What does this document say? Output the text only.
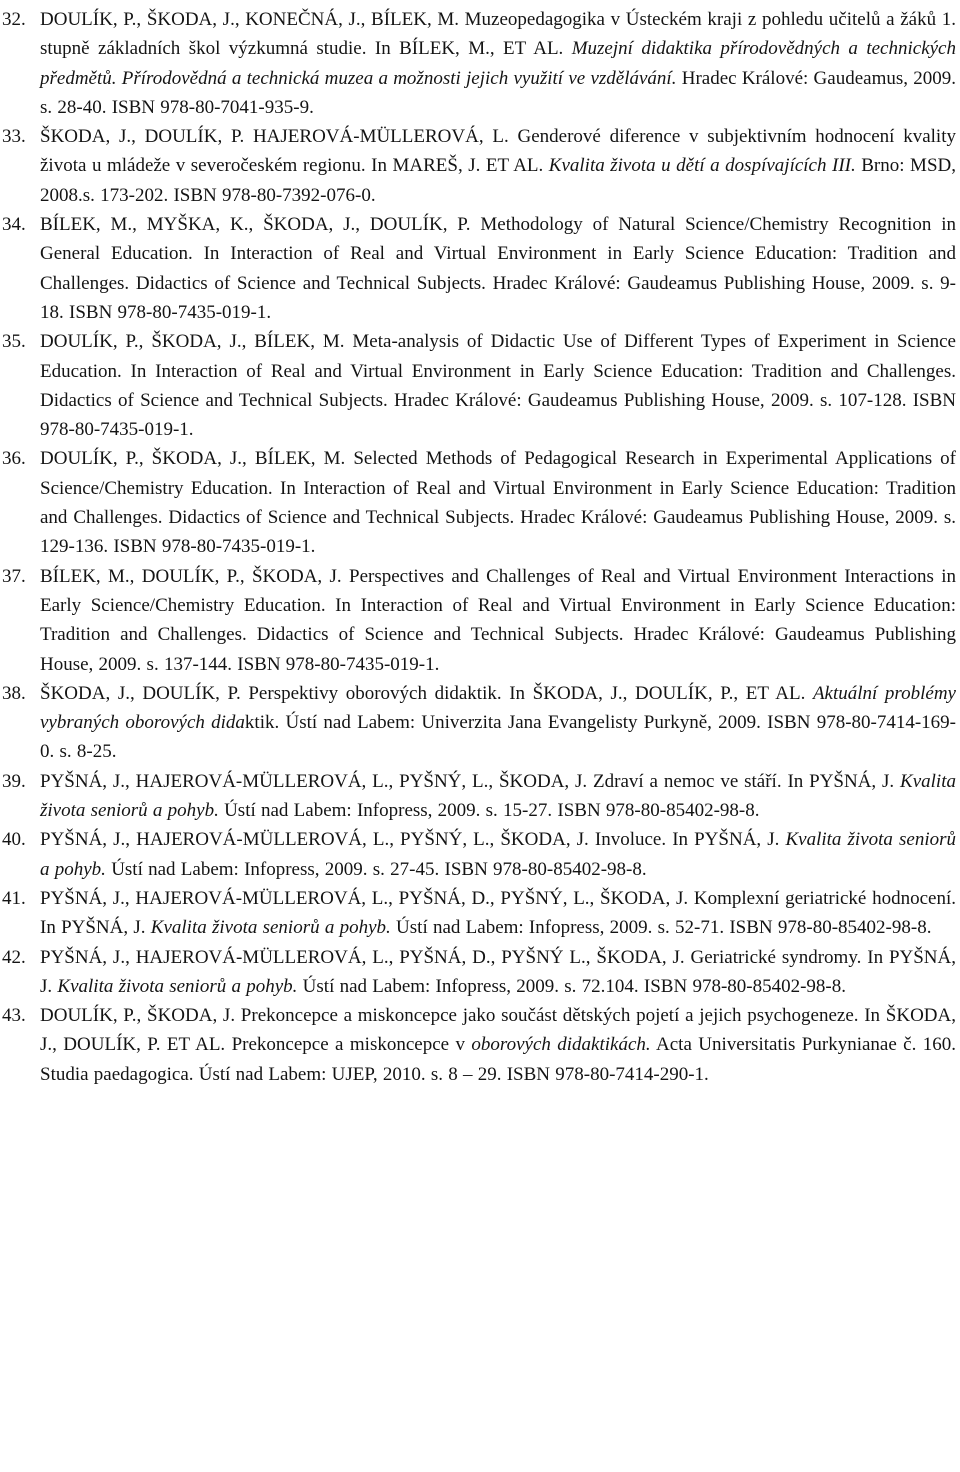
32. DOULÍK, P., ŠKODA, J., KONEČNÁ, J., BÍLEK, M. Muzeopedagogika v Ústeckém kraji z pohledu učitelů a žáků 1. stupně základních škol výzkumná studie. In BÍLEK, M., ET AL. Muzejní didaktika přírodovědných a technických předmětů. Přírodovědná a technická muzea a možnosti jejich využití ve vzdělávání. Hradec Králové: Gaudeamus, 2009. s. 28-40. ISBN 978-80-7041-935-9.
33. ŠKODA, J., DOULÍK, P. HAJEROVÁ-MÜLLEROVÁ, L. Genderové diference v subjektivním hodnocení kvality života u mládeže v severočeském regionu. In MAREŠ, J. ET AL. Kvalita života u dětí a dospívajících III. Brno: MSD, 2008.s. 173-202. ISBN 978-80-7392-076-0.
34. BÍLEK, M., MYŠKA, K., ŠKODA, J., DOULÍK, P. Methodology of Natural Science/Chemistry Recognition in General Education. In Interaction of Real and Virtual Environment in Early Science Education: Tradition and Challenges. Didactics of Science and Technical Subjects. Hradec Králové: Gaudeamus Publishing House, 2009. s. 9-18. ISBN 978-80-7435-019-1.
35. DOULÍK, P., ŠKODA, J., BÍLEK, M. Meta-analysis of Didactic Use of Different Types of Experiment in Science Education. In Interaction of Real and Virtual Environment in Early Science Education: Tradition and Challenges. Didactics of Science and Technical Subjects. Hradec Králové: Gaudeamus Publishing House, 2009. s. 107-128. ISBN 978-80-7435-019-1.
36. DOULÍK, P., ŠKODA, J., BÍLEK, M. Selected Methods of Pedagogical Research in Experimental Applications of Science/Chemistry Education. In Interaction of Real and Virtual Environment in Early Science Education: Tradition and Challenges. Didactics of Science and Technical Subjects. Hradec Králové: Gaudeamus Publishing House, 2009. s. 129-136. ISBN 978-80-7435-019-1.
37. BÍLEK, M., DOULÍK, P., ŠKODA, J. Perspectives and Challenges of Real and Virtual Environment Interactions in Early Science/Chemistry Education. In Interaction of Real and Virtual Environment in Early Science Education: Tradition and Challenges. Didactics of Science and Technical Subjects. Hradec Králové: Gaudeamus Publishing House, 2009. s. 137-144. ISBN 978-80-7435-019-1.
38. ŠKODA, J., DOULÍK, P. Perspektivy oborových didaktik. In ŠKODA, J., DOULÍK, P., ET AL. Aktuální problémy vybraných oborových didaktik. Ústí nad Labem: Univerzita Jana Evangelisty Purkyně, 2009. ISBN 978-80-7414-169-0. s. 8-25.
39. PYŠNÁ, J., HAJEROVÁ-MÜLLEROVÁ, L., PYŠNÝ, L., ŠKODA, J. Zdraví a nemoc ve stáří. In PYŠNÁ, J. Kvalita života seniorů a pohyb. Ústí nad Labem: Infopress, 2009. s. 15-27. ISBN 978-80-85402-98-8.
40. PYŠNÁ, J., HAJEROVÁ-MÜLLEROVÁ, L., PYŠNÝ, L., ŠKODA, J. Involuce. In PYŠNÁ, J. Kvalita života seniorů a pohyb. Ústí nad Labem: Infopress, 2009. s. 27-45. ISBN 978-80-85402-98-8.
41. PYŠNÁ, J., HAJEROVÁ-MÜLLEROVÁ, L., PYŠNÁ, D., PYŠNÝ, L., ŠKODA, J. Komplexní geriatrické hodnocení. In PYŠNÁ, J. Kvalita života seniorů a pohyb. Ústí nad Labem: Infopress, 2009. s. 52-71. ISBN 978-80-85402-98-8.
42. PYŠNÁ, J., HAJEROVÁ-MÜLLEROVÁ, L., PYŠNÁ, D., PYŠNÝ L., ŠKODA, J. Geriatrické syndromy. In PYŠNÁ, J. Kvalita života seniorů a pohyb. Ústí nad Labem: Infopress, 2009. s. 72.104. ISBN 978-80-85402-98-8.
43. DOULÍK, P., ŠKODA, J. Prekoncepce a miskoncepce jako součást dětských pojetí a jejich psychogeneze. In ŠKODA, J., DOULÍK, P. ET AL. Prekoncepce a miskoncepce v oborových didaktikách. Acta Universitatis Purkynianae č. 160. Studia paedagogica. Ústí nad Labem: UJEP, 2010. s. 8 – 29. ISBN 978-80-7414-290-1.
